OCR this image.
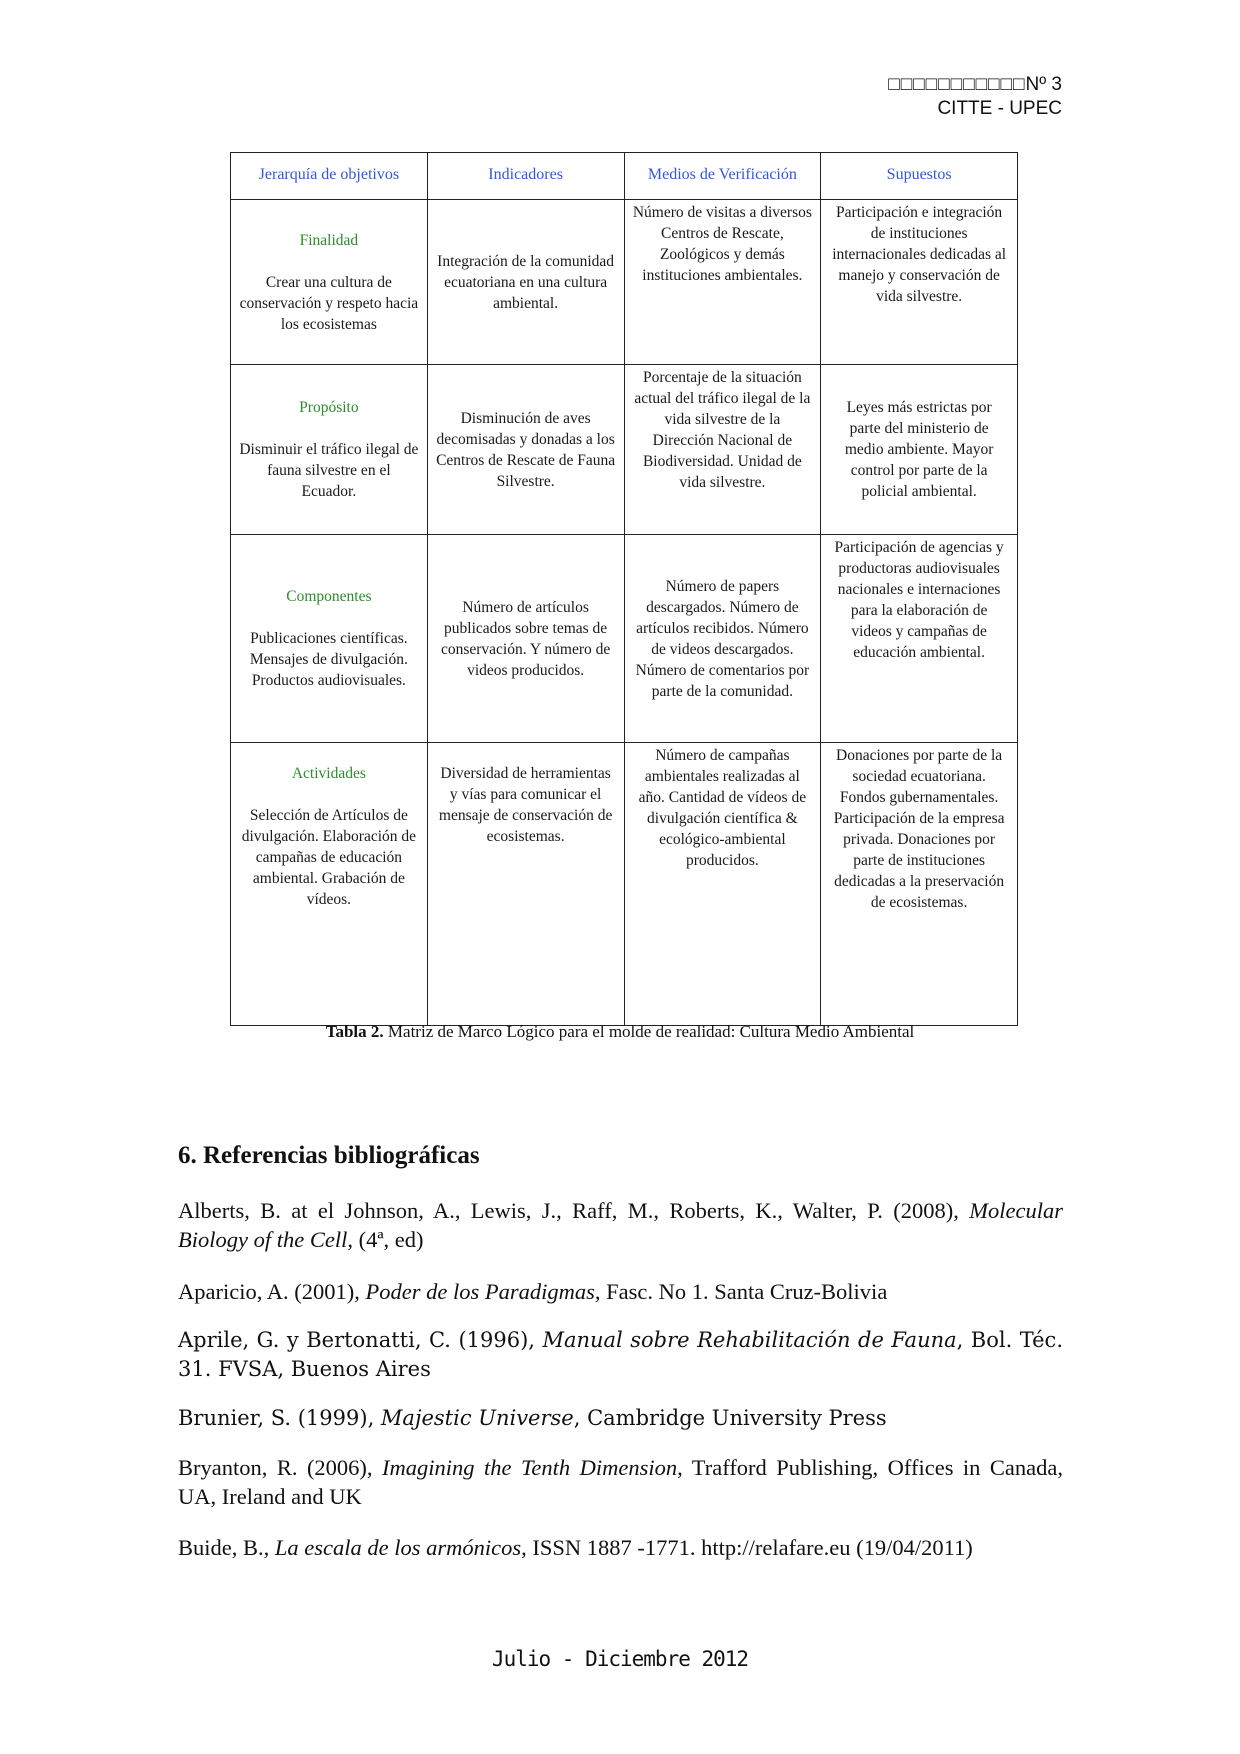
□□□□□□□□□□□Nº 3
CITTE - UPEC
Jerarquía de objetivos	Indicadores	Medios de Verificación	Supuestos

Finalidad
Crear una cultura de conservación y respeto hacia los ecosistemas	Integración de la comunidad ecuatoriana en una cultura ambiental.	Número de visitas a diversos Centros de Rescate, Zoológicos y demás instituciones ambientales.	Participación e integración de instituciones internacionales dedicadas al manejo y conservación de vida silvestre.

Propósito
Disminuir el tráfico ilegal de fauna silvestre en el Ecuador.	Disminución de aves decomisadas y donadas a los Centros de Rescate de Fauna Silvestre.	Porcentaje de la situación actual del tráfico ilegal de la vida silvestre de la Dirección Nacional de Biodiversidad. Unidad de vida silvestre.	Leyes más estrictas por parte del ministerio de medio ambiente. Mayor control por parte de la policial ambiental.

Componentes
Publicaciones científicas. Mensajes de divulgación. Productos audiovisuales.	Número de artículos publicados sobre temas de conservación. Y número de videos producidos.	Número de papers descargados. Número de artículos recibidos. Número de videos descargados. Número de comentarios por parte de la comunidad.	Participación de agencias y productoras audiovisuales nacionales e internaciones para la elaboración de videos y campañas de educación ambiental.

Actividades
Selección de Artículos de divulgación. Elaboración de campañas de educación ambiental. Grabación de vídeos.	Diversidad de herramientas y vías para comunicar el mensaje de conservación de ecosistemas.	Número de campañas ambientales realizadas al año. Cantidad de vídeos de divulgación científica & ecológico-ambiental producidos.	Donaciones por parte de la sociedad ecuatoriana. Fondos gubernamentales. Participación de la empresa privada. Donaciones por parte de instituciones dedicadas a la preservación de ecosistemas.
Tabla 2. Matriz de Marco Lógico para el molde de realidad: Cultura Medio Ambiental
6. Referencias bibliográficas

Alberts, B. at el Johnson, A., Lewis, J., Raff, M., Roberts, K., Walter, P. (2008), Molecular Biology of the Cell, (4ª, ed)

Aparicio, A. (2001), Poder de los Paradigmas, Fasc. No 1. Santa Cruz-Bolivia

Aprile, G. y Bertonatti, C. (1996), Manual sobre Rehabilitación de Fauna, Bol. Téc. 31. FVSA, Buenos Aires

Brunier, S. (1999), Majestic Universe, Cambridge University Press

Bryanton, R. (2006), Imagining the Tenth Dimension, Trafford Publishing, Offices in Canada, UA, Ireland and UK

Buide, B., La escala de los armónicos, ISSN 1887 -1771. http://relafare.eu (19/04/2011)

Julio - Diciembre 2012
